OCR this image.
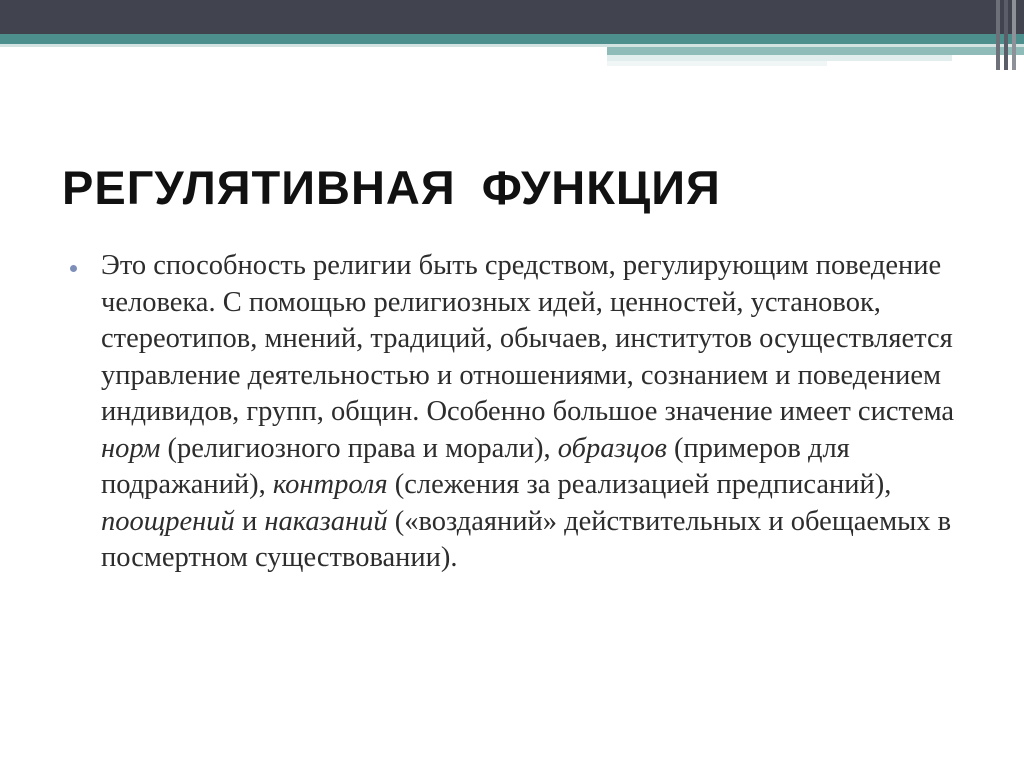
РЕГУЛЯТИВНАЯ ФУНКЦИЯ

Это способность религии быть средством, регулирующим поведение человека. С помощью религиозных идей, ценностей, установок, стереотипов, мнений, традиций, обычаев, институтов осуществляется управление деятельностью и отношениями, сознанием и поведением индивидов, групп, общин. Особенно большое значение имеет система норм (религиозного права и морали), образцов (примеров для подражаний), контроля (слежения за реализацией предписаний), поощрений и наказаний («воздаяний» действительных и обещаемых в посмертном существовании).
